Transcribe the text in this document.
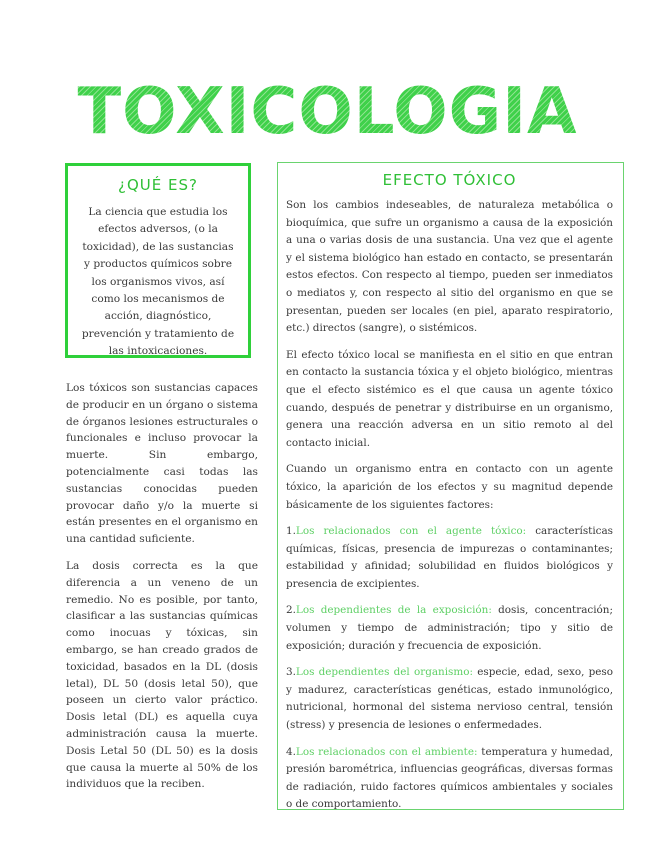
TOXICOLOGIA
¿QUÉ ES?

La ciencia que estudia los efectos adversos, (o la toxicidad), de las sustancias y productos químicos sobre los organismos vivos, así como los mecanismos de acción, diagnóstico, prevención y tratamiento de las intoxicaciones.

Los tóxicos son sustancias capaces de producir en un órgano o sistema de órganos lesiones estructurales o funcionales e incluso provocar la muerte. Sin embargo, potencialmente casi todas las sustancias conocidas pueden provocar daño y/o la muerte si están presentes en el organismo en una cantidad suficiente.

La dosis correcta es la que diferencia a un veneno de un remedio. No es posible, por tanto, clasificar a las sustancias químicas como inocuas y tóxicas, sin embargo, se han creado grados de toxicidad, basados en la DL (dosis letal), DL 50 (dosis letal 50), que poseen un cierto valor práctico. Dosis letal (DL) es aquella cuya administración causa la muerte. Dosis Letal 50 (DL 50) es la dosis que causa la muerte al 50% de los individuos que la reciben.

EFECTO TÓXICO

Son los cambios indeseables, de naturaleza metabólica o bioquímica, que sufre un organismo a causa de la exposición a una o varias dosis de una sustancia. Una vez que el agente y el sistema biológico han estado en contacto, se presentarán estos efectos. Con respecto al tiempo, pueden ser inmediatos o mediatos y, con respecto al sitio del organismo en que se presentan, pueden ser locales (en piel, aparato respiratorio, etc.) directos (sangre), o sistémicos.

El efecto tóxico local se manifiesta en el sitio en que entran en contacto la sustancia tóxica y el objeto biológico, mientras que el efecto sistémico es el que causa un agente tóxico cuando, después de penetrar y distribuirse en un organismo, genera una reacción adversa en un sitio remoto al del contacto inicial.

Cuando un organismo entra en contacto con un agente tóxico, la aparición de los efectos y su magnitud depende básicamente de los siguientes factores:

1.Los relacionados con el agente tóxico: características químicas, físicas, presencia de impurezas o contaminantes; estabilidad y afinidad; solubilidad en fluidos biológicos y presencia de excipientes.

2.Los dependientes de la exposición: dosis, concentración; volumen y tiempo de administración; tipo y sitio de exposición; duración y frecuencia de exposición.

3.Los dependientes del organismo: especie, edad, sexo, peso y madurez, características genéticas, estado inmunológico, nutricional, hormonal del sistema nervioso central, tensión (stress) y presencia de lesiones o enfermedades.

4.Los relacionados con el ambiente: temperatura y humedad, presión barométrica, influencias geográficas, diversas formas de radiación, ruido factores químicos ambientales y sociales o de comportamiento.
